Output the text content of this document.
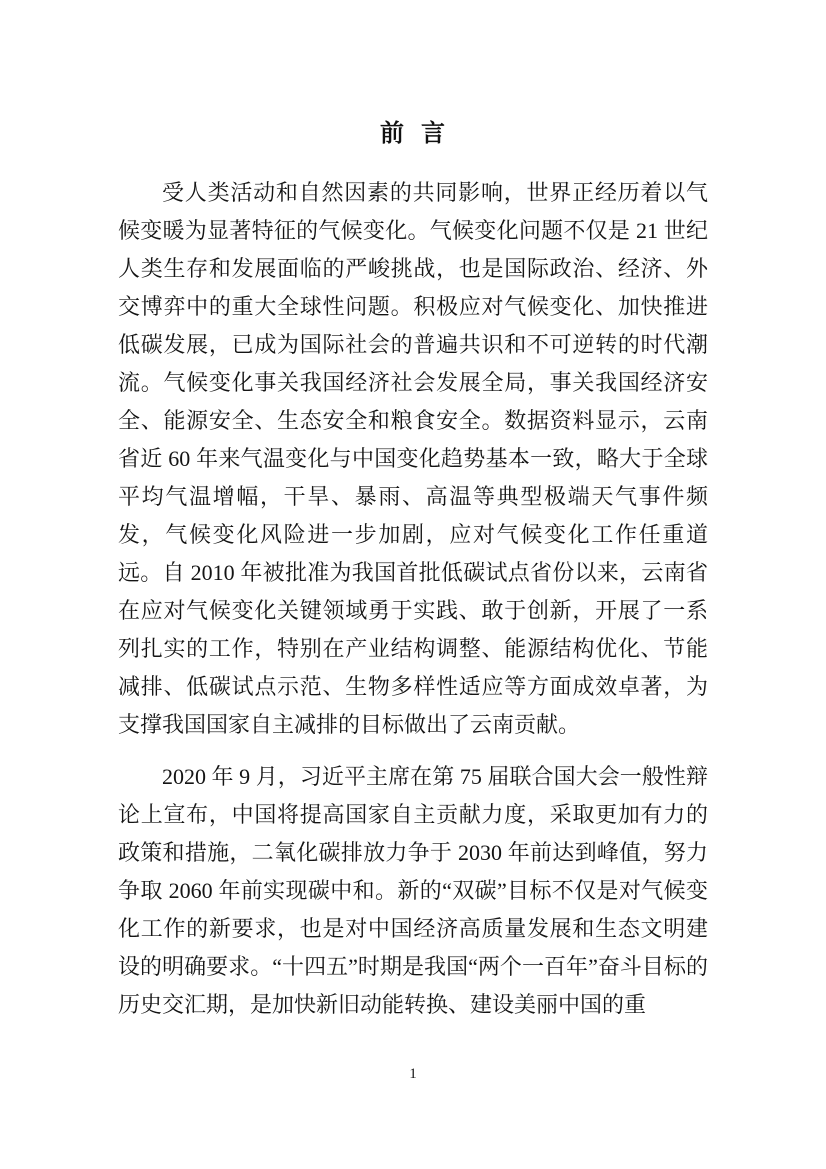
前 言

受人类活动和自然因素的共同影响，世界正经历着以气候变暖为显著特征的气候变化。气候变化问题不仅是 21 世纪人类生存和发展面临的严峻挑战，也是国际政治、经济、外交博弈中的重大全球性问题。积极应对气候变化、加快推进低碳发展，已成为国际社会的普遍共识和不可逆转的时代潮流。气候变化事关我国经济社会发展全局，事关我国经济安全、能源安全、生态安全和粮食安全。数据资料显示，云南省近 60 年来气温变化与中国变化趋势基本一致，略大于全球平均气温增幅，干旱、暴雨、高温等典型极端天气事件频发，气候变化风险进一步加剧，应对气候变化工作任重道远。自 2010 年被批准为我国首批低碳试点省份以来，云南省在应对气候变化关键领域勇于实践、敢于创新，开展了一系列扎实的工作，特别在产业结构调整、能源结构优化、节能减排、低碳试点示范、生物多样性适应等方面成效卓著，为支撑我国国家自主减排的目标做出了云南贡献。

2020 年 9 月，习近平主席在第 75 届联合国大会一般性辩论上宣布，中国将提高国家自主贡献力度，采取更加有力的政策和措施，二氧化碳排放力争于 2030 年前达到峰值，努力争取 2060 年前实现碳中和。新的“双碳”目标不仅是对气候变化工作的新要求，也是对中国经济高质量发展和生态文明建设的明确要求。“十四五”时期是我国“两个一百年”奋斗目标的历史交汇期，是加快新旧动能转换、建设美丽中国的重

1
